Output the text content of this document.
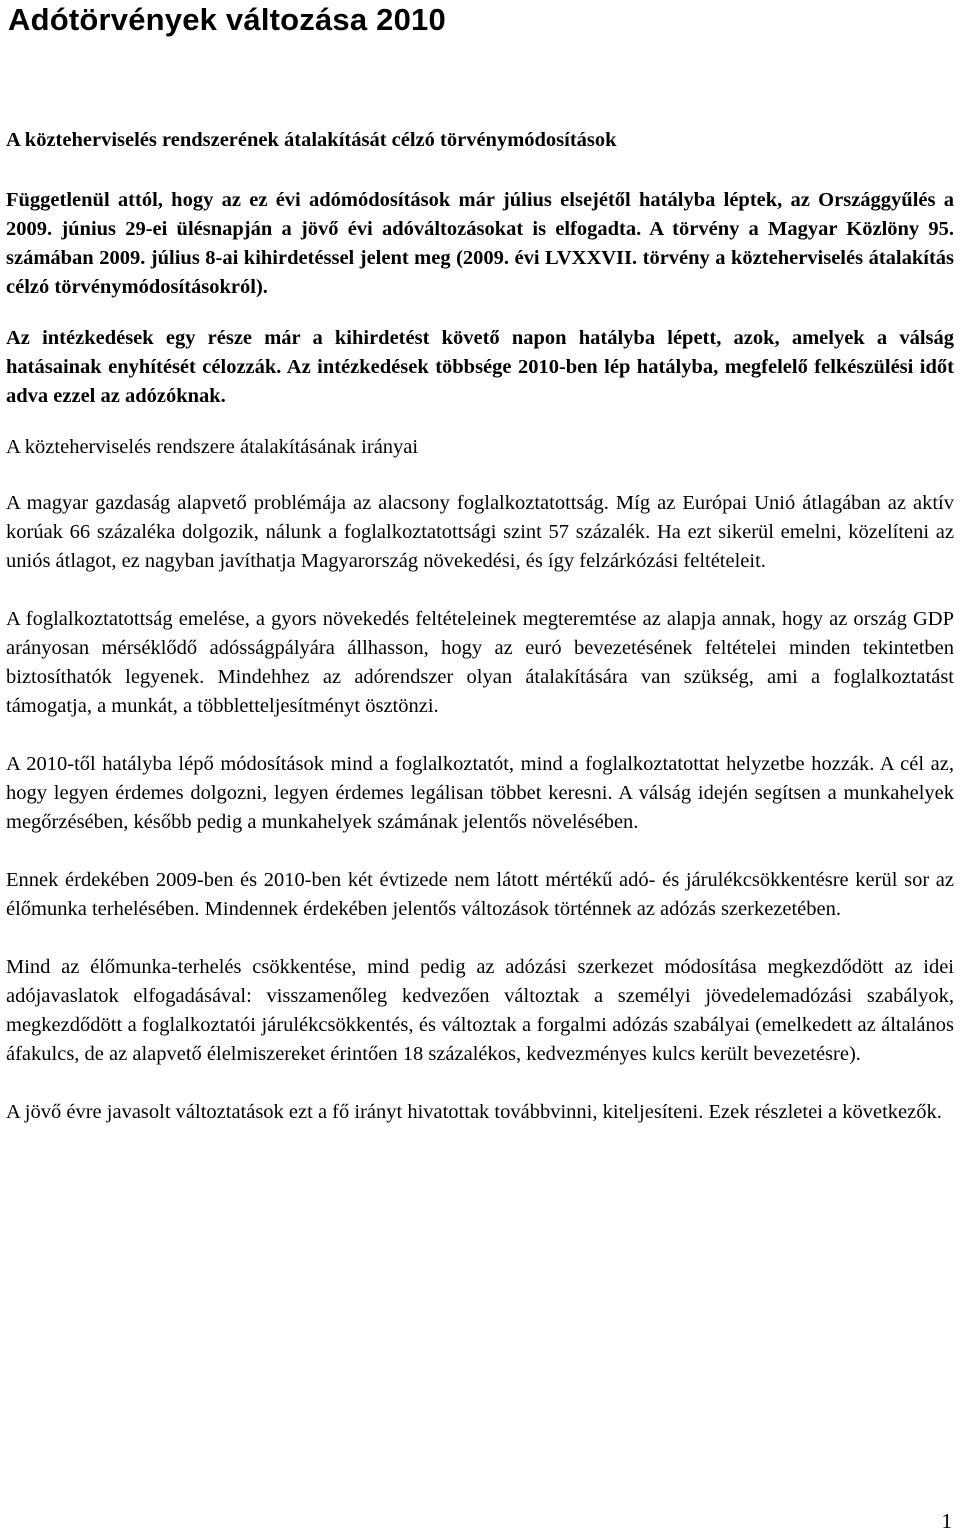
Adótörvények változása 2010

A közteherviselés rendszerének átalakítását célzó törvénymódosítások

Függetlenül attól, hogy az ez évi adómódosítások már július elsejétől hatályba léptek, az Országgyűlés a 2009. június 29-ei ülésnapján a jövő évi adóváltozásokat is elfogadta. A törvény a Magyar Közlöny 95. számában 2009. július 8-ai kihirdetéssel jelent meg (2009. évi LVXXVII. törvény a közteherviselés átalakítás célzó törvénymódosításokról).

Az intézkedések egy része már a kihirdetést követő napon hatályba lépett, azok, amelyek a válság hatásainak enyhítését célozzák. Az intézkedések többsége 2010-ben lép hatályba, megfelelő felkészülési időt adva ezzel az adózóknak.

A közteherviselés rendszere átalakításának irányai

A magyar gazdaság alapvető problémája az alacsony foglalkoztatottság. Míg az Európai Unió átlagában az aktív korúak 66 százaléka dolgozik, nálunk a foglalkoztatottsági szint 57 százalék. Ha ezt sikerül emelni, közelíteni az uniós átlagot, ez nagyban javíthatja Magyarország növekedési, és így felzárkózási feltételeit.

A foglalkoztatottság emelése, a gyors növekedés feltételeinek megteremtése az alapja annak, hogy az ország GDP arányosan mérséklődő adósságpályára állhasson, hogy az euró bevezetésének feltételei minden tekintetben biztosíthatók legyenek. Mindehhez az adórendszer olyan átalakítására van szükség, ami a foglalkoztatást támogatja, a munkát, a többletteljesítményt ösztönzi.

A 2010-től hatályba lépő módosítások mind a foglalkoztatót, mind a foglalkoztatottat helyzetbe hozzák. A cél az, hogy legyen érdemes dolgozni, legyen érdemes legálisan többet keresni. A válság idején segítsen a munkahelyek megőrzésében, később pedig a munkahelyek számának jelentős növelésében.

Ennek érdekében 2009-ben és 2010-ben két évtizede nem látott mértékű adó- és járulékcsökkentésre kerül sor az élőmunka terhelésében. Mindennek érdekében jelentős változások történnek az adózás szerkezetében.

Mind az élőmunka-terhelés csökkentése, mind pedig az adózási szerkezet módosítása megkezdődött az idei adójavaslatok elfogadásával: visszamenőleg kedvezően változtak a személyi jövedelemadózási szabályok, megkezdődött a foglalkoztatói járulékcsökkentés, és változtak a forgalmi adózás szabályai (emelkedett az általános áfakulcs, de az alapvető élelmiszereket érintően 18 százalékos, kedvezményes kulcs került bevezetésre).

A jövő évre javasolt változtatások ezt a fő irányt hivatottak továbbvinni, kiteljesíteni. Ezek részletei a következők.

1
